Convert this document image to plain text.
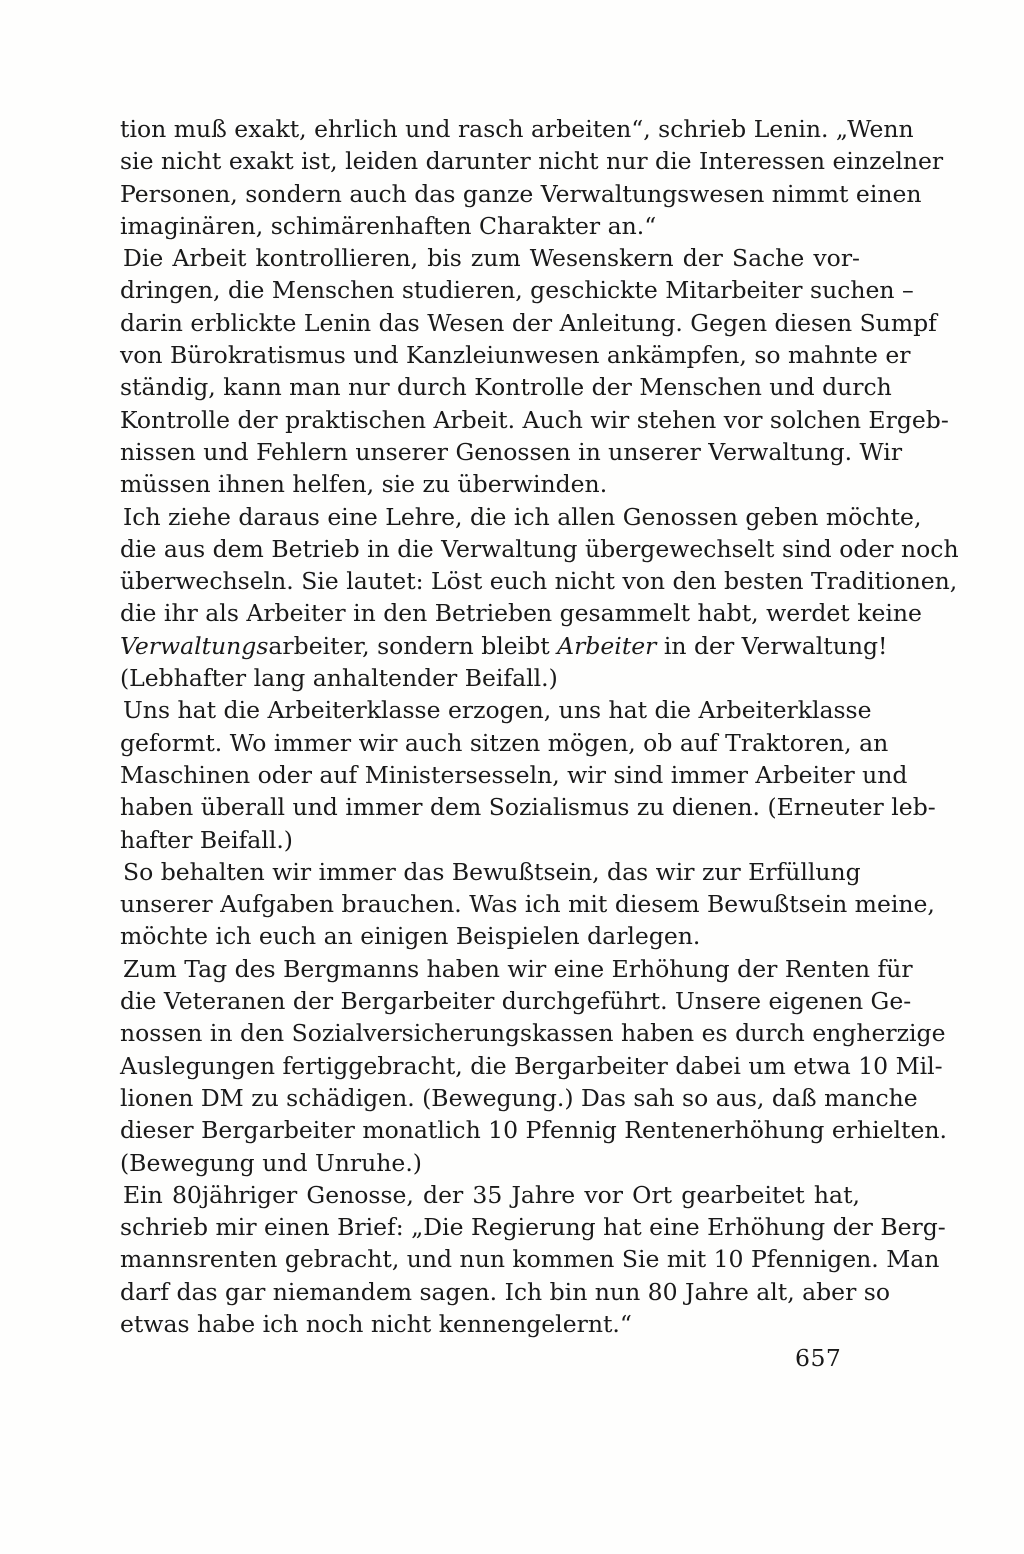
tion muß exakt, ehrlich und rasch arbeiten“, schrieb Lenin. „Wenn
sie nicht exakt ist, leiden darunter nicht nur die Interessen einzelner
Personen, sondern auch das ganze Verwaltungswesen nimmt einen
imaginären, schimärenhaften Charakter an.“
Die Arbeit kontrollieren, bis zum Wesenskern der Sache vor-
dringen, die Menschen studieren, geschickte Mitarbeiter suchen –
darin erblickte Lenin das Wesen der Anleitung. Gegen diesen Sumpf
von Bürokratismus und Kanzleiunwesen ankämpfen, so mahnte er
ständig, kann man nur durch Kontrolle der Menschen und durch
Kontrolle der praktischen Arbeit. Auch wir stehen vor solchen Ergeb-
nissen und Fehlern unserer Genossen in unserer Verwaltung. Wir
müssen ihnen helfen, sie zu überwinden.
Ich ziehe daraus eine Lehre, die ich allen Genossen geben möchte,
die aus dem Betrieb in die Verwaltung übergewechselt sind oder noch
überwechseln. Sie lautet: Löst euch nicht von den besten Traditionen,
die ihr als Arbeiter in den Betrieben gesammelt habt, werdet keine
Verwaltungsarbeiter, sondern bleibt Arbeiter in der Verwaltung!
(Lebhafter lang anhaltender Beifall.)
Uns hat die Arbeiterklasse erzogen, uns hat die Arbeiterklasse
geformt. Wo immer wir auch sitzen mögen, ob auf Traktoren, an
Maschinen oder auf Ministersesseln, wir sind immer Arbeiter und
haben überall und immer dem Sozialismus zu dienen. (Erneuter leb-
hafter Beifall.)
So behalten wir immer das Bewußtsein, das wir zur Erfüllung
unserer Aufgaben brauchen. Was ich mit diesem Bewußtsein meine,
möchte ich euch an einigen Beispielen darlegen.
Zum Tag des Bergmanns haben wir eine Erhöhung der Renten für
die Veteranen der Bergarbeiter durchgeführt. Unsere eigenen Ge-
nossen in den Sozialversicherungskassen haben es durch engherzige
Auslegungen fertiggebracht, die Bergarbeiter dabei um etwa 10 Mil-
lionen DM zu schädigen. (Bewegung.) Das sah so aus, daß manche
dieser Bergarbeiter monatlich 10 Pfennig Rentenerhöhung erhielten.
(Bewegung und Unruhe.)
Ein 80jähriger Genosse, der 35 Jahre vor Ort gearbeitet hat,
schrieb mir einen Brief: „Die Regierung hat eine Erhöhung der Berg-
mannsrenten gebracht, und nun kommen Sie mit 10 Pfennigen. Man
darf das gar niemandem sagen. Ich bin nun 80 Jahre alt, aber so
etwas habe ich noch nicht kennengelernt.“
657
